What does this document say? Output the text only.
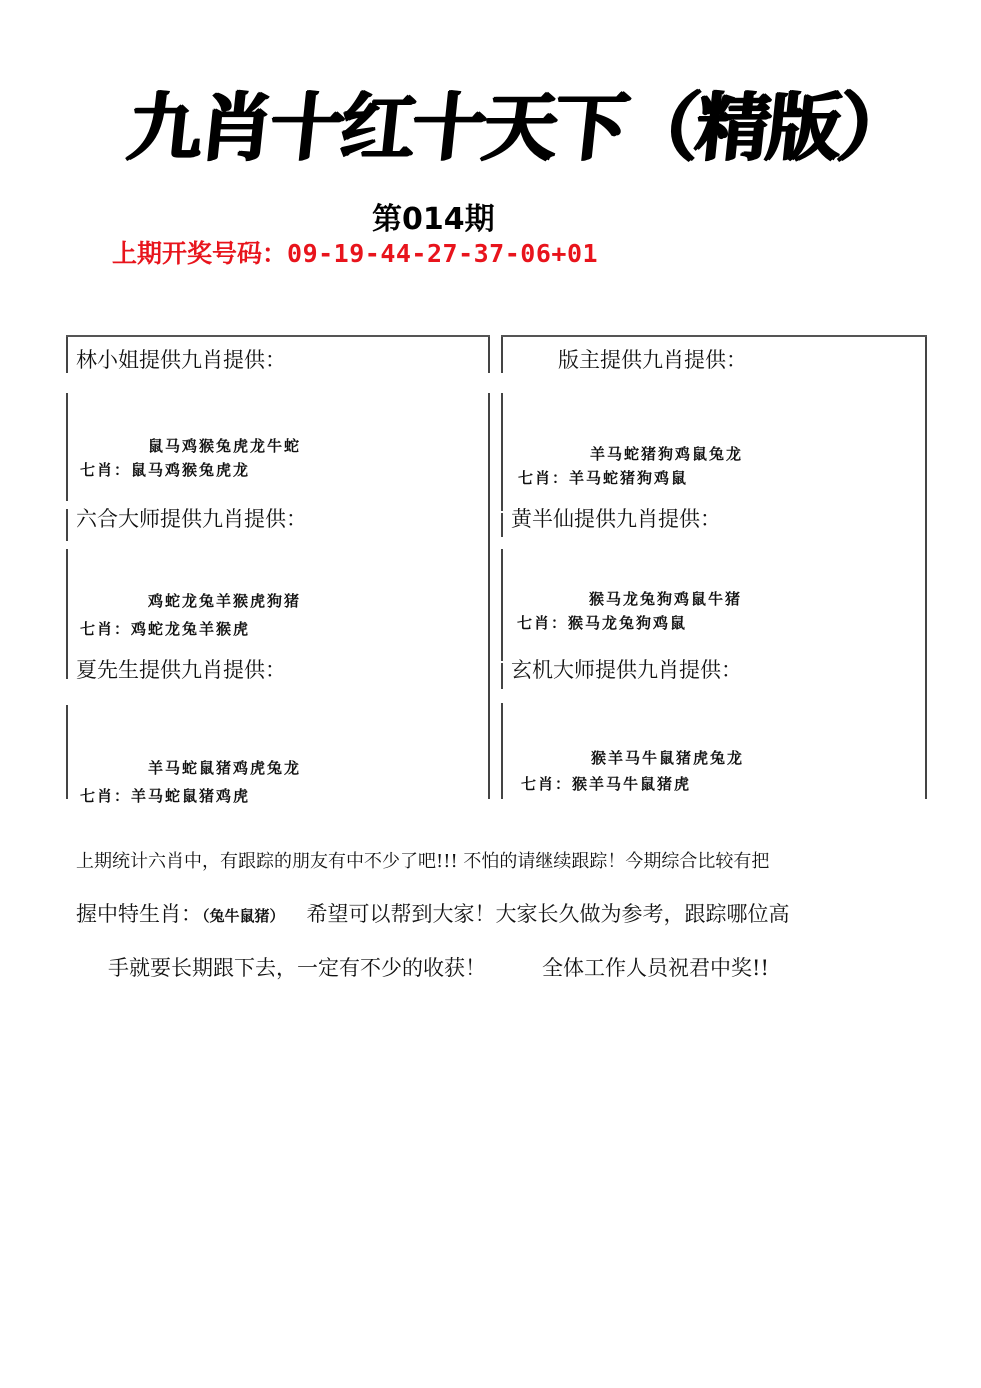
九肖十红十天下（精版）
第014期
上期开奖号码：09-19-44-27-37-06+01
林小姐提供九肖提供：
鼠马鸡猴兔虎龙牛蛇
七肖：鼠马鸡猴兔虎龙
版主提供九肖提供：
羊马蛇猪狗鸡鼠兔龙
七肖：羊马蛇猪狗鸡鼠
六合大师提供九肖提供：
鸡蛇龙兔羊猴虎狗猪
七肖：鸡蛇龙兔羊猴虎
黄半仙提供九肖提供：
猴马龙兔狗鸡鼠牛猪
七肖：猴马龙兔狗鸡鼠
夏先生提供九肖提供：
羊马蛇鼠猪鸡虎兔龙
七肖：羊马蛇鼠猪鸡虎
玄机大师提供九肖提供：
猴羊马牛鼠猪虎兔龙
七肖：猴羊马牛鼠猪虎
上期统计六肖中，有跟踪的朋友有中不少了吧!!! 不怕的请继续跟踪！今期综合比较有把
握中特生肖：（兔牛鼠猪） 希望可以帮到大家！大家长久做为参考，跟踪哪位高
手就要长期跟下去，一定有不少的收获！	全体工作人员祝君中奖!!
